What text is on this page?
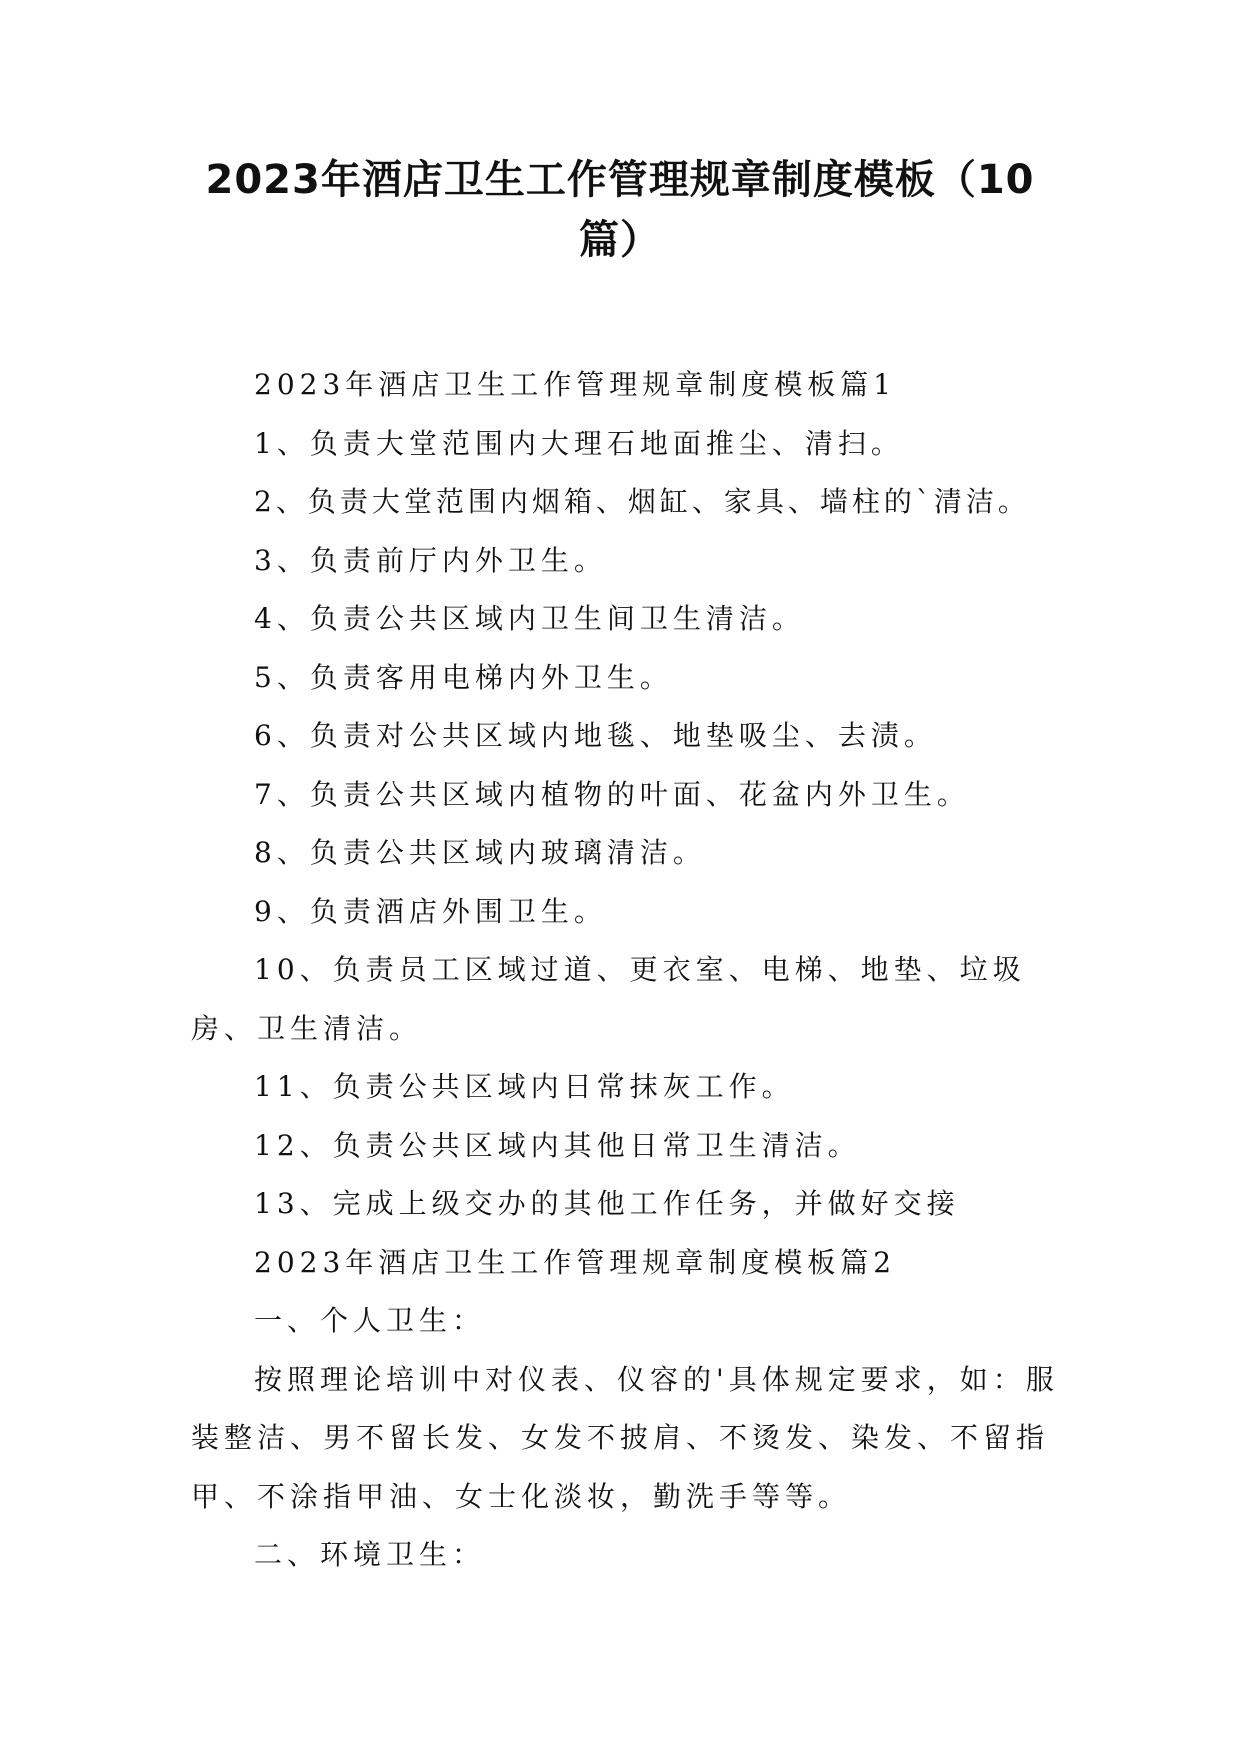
2023年酒店卫生工作管理规章制度模板（10
篇）

2023年酒店卫生工作管理规章制度模板篇1

1、负责大堂范围内大理石地面推尘、清扫。

2、负责大堂范围内烟箱、烟缸、家具、墙柱的`清洁。

3、负责前厅内外卫生。

4、负责公共区域内卫生间卫生清洁。

5、负责客用电梯内外卫生。

6、负责对公共区域内地毯、地垫吸尘、去渍。

7、负责公共区域内植物的叶面、花盆内外卫生。

8、负责公共区域内玻璃清洁。

9、负责酒店外围卫生。

10、负责员工区域过道、更衣室、电梯、地垫、垃圾房、卫生清洁。

11、负责公共区域内日常抹灰工作。

12、负责公共区域内其他日常卫生清洁。

13、完成上级交办的其他工作任务，并做好交接

2023年酒店卫生工作管理规章制度模板篇2

一、个人卫生：

按照理论培训中对仪表、仪容的'具体规定要求，如：服装整洁、男不留长发、女发不披肩、不烫发、染发、不留指甲、不涂指甲油、女士化淡妆，勤洗手等等。

二、环境卫生：
